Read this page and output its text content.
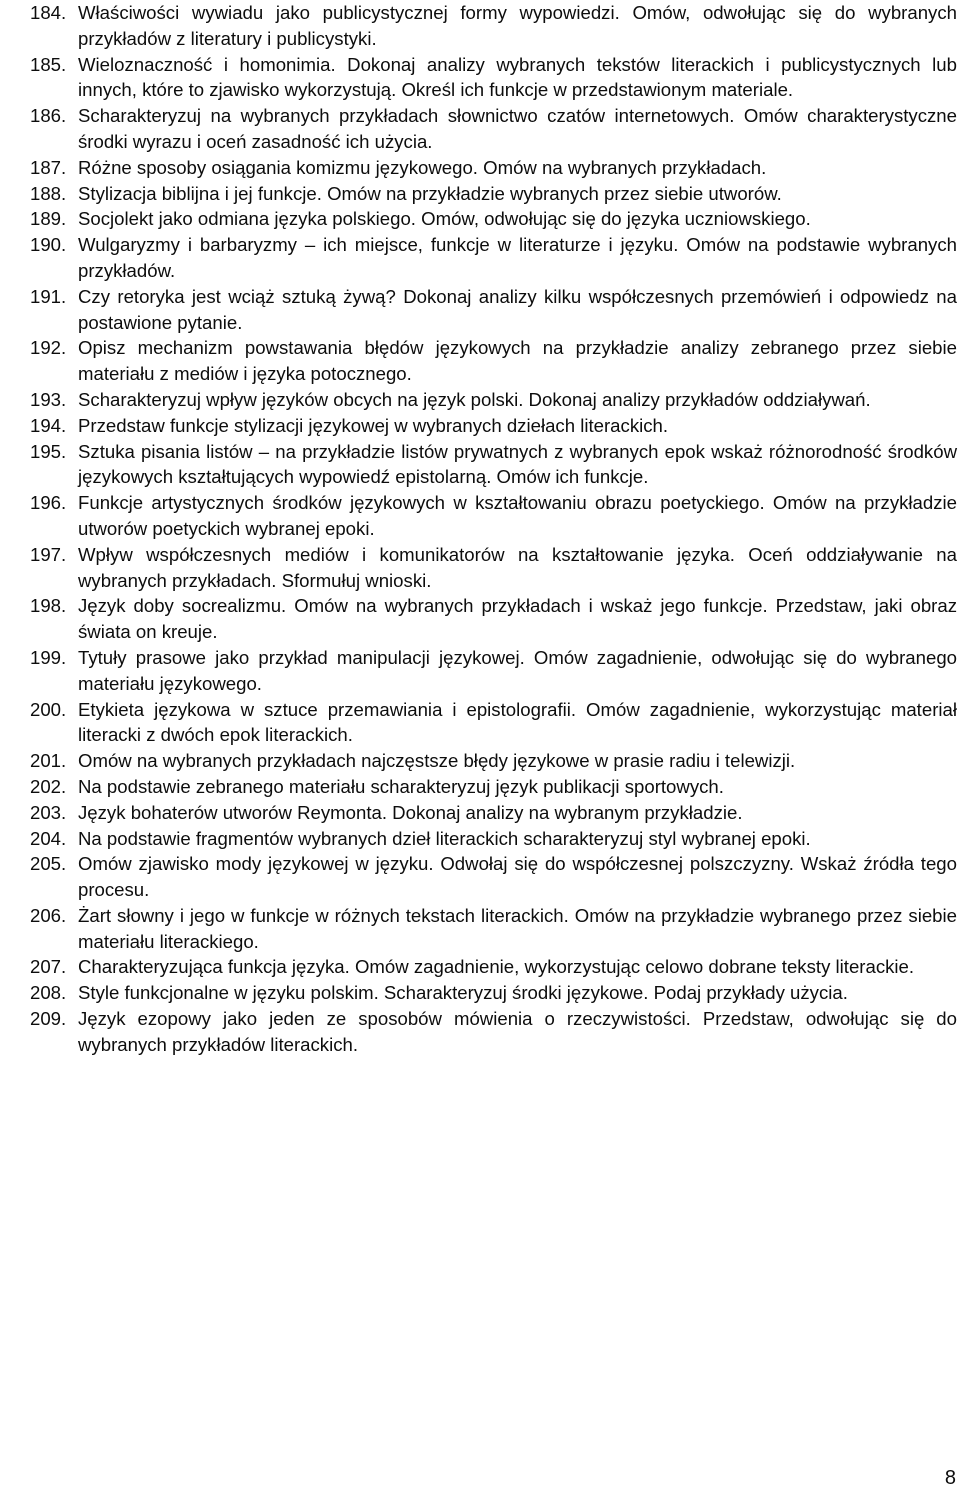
184. Właściwości wywiadu jako publicystycznej formy wypowiedzi. Omów, odwołując się do wybranych przykładów z literatury i publicystyki.
185. Wieloznaczność i homonimia. Dokonaj analizy wybranych tekstów literackich i publicystycznych lub innych, które to zjawisko wykorzystują. Określ ich funkcje w przedstawionym materiale.
186. Scharakteryzuj na wybranych przykładach słownictwo czatów internetowych. Omów charakterystyczne środki wyrazu i oceń zasadność ich użycia.
187. Różne sposoby osiągania komizmu językowego. Omów na wybranych przykładach.
188. Stylizacja biblijna i jej funkcje. Omów na przykładzie wybranych przez siebie utworów.
189. Socjolekt jako odmiana języka polskiego. Omów, odwołując się do języka uczniowskiego.
190. Wulgaryzmy i barbaryzmy – ich miejsce, funkcje w literaturze i języku. Omów na podstawie wybranych przykładów.
191. Czy retoryka jest wciąż sztuką żywą? Dokonaj analizy kilku współczesnych przemówień i odpowiedz na postawione pytanie.
192. Opisz mechanizm powstawania błędów językowych na przykładzie analizy zebranego przez siebie materiału z mediów i języka potocznego.
193. Scharakteryzuj wpływ języków obcych na język polski. Dokonaj analizy przykładów oddziaływań.
194. Przedstaw funkcje stylizacji językowej w wybranych dziełach literackich.
195. Sztuka pisania listów – na przykładzie listów prywatnych z wybranych epok wskaż różnorodność środków językowych kształtujących wypowiedź epistolarną. Omów ich funkcje.
196. Funkcje artystycznych środków językowych w kształtowaniu obrazu poetyckiego. Omów na przykładzie utworów poetyckich wybranej epoki.
197. Wpływ współczesnych mediów i komunikatorów na kształtowanie języka. Oceń oddziaływanie na wybranych przykładach. Sformułuj wnioski.
198. Język doby socrealizmu. Omów na wybranych przykładach i wskaż jego funkcje. Przedstaw, jaki obraz świata on kreuje.
199. Tytuły prasowe jako przykład manipulacji językowej. Omów zagadnienie, odwołując się do wybranego materiału językowego.
200. Etykieta językowa w sztuce przemawiania i epistolografii. Omów zagadnienie, wykorzystując materiał literacki z dwóch epok literackich.
201. Omów na wybranych przykładach najczęstsze błędy językowe w prasie radiu i telewizji.
202. Na podstawie zebranego materiału scharakteryzuj język publikacji sportowych.
203. Język bohaterów utworów Reymonta. Dokonaj analizy na wybranym przykładzie.
204. Na podstawie fragmentów wybranych dzieł literackich scharakteryzuj styl wybranej epoki.
205. Omów zjawisko mody językowej w języku. Odwołaj się do współczesnej polszczyzny. Wskaż źródła tego procesu.
206. Żart słowny i jego w funkcje w różnych tekstach literackich. Omów na przykładzie wybranego przez siebie materiału literackiego.
207. Charakteryzująca funkcja języka. Omów zagadnienie, wykorzystując celowo dobrane teksty literackie.
208. Style funkcjonalne w języku polskim. Scharakteryzuj środki językowe. Podaj przykłady użycia.
209. Język ezopowy jako jeden ze sposobów mówienia o rzeczywistości. Przedstaw, odwołując się do wybranych przykładów literackich.
8
